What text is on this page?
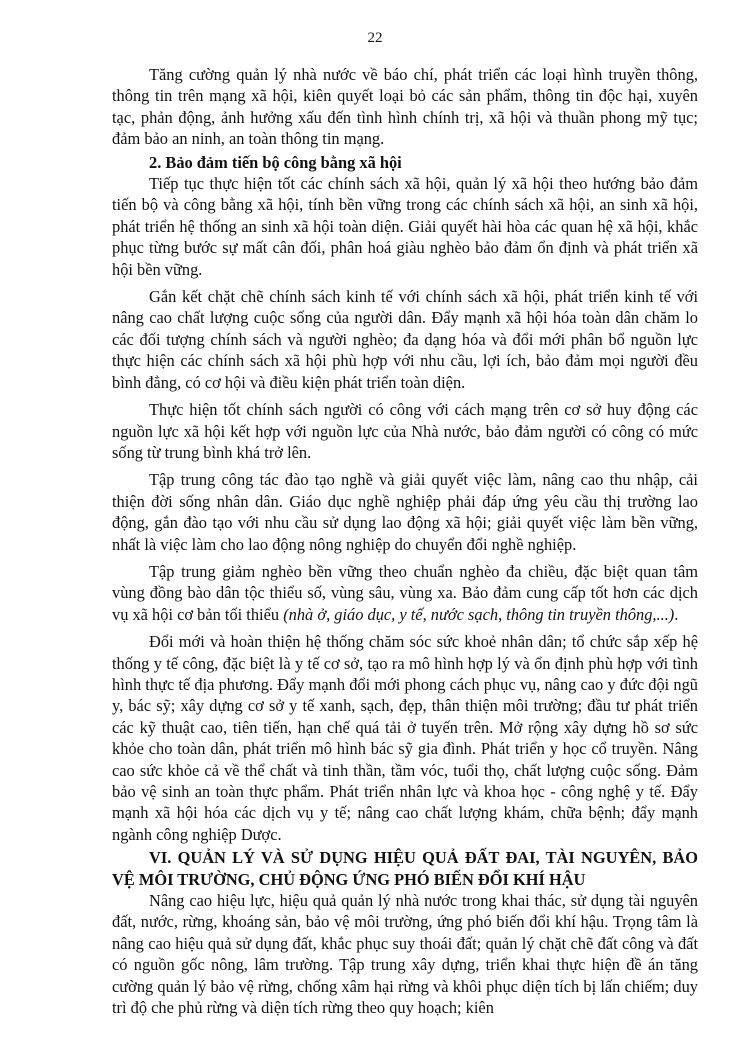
22

Tăng cường quản lý nhà nước về báo chí, phát triển các loại hình truyền thông, thông tin trên mạng xã hội, kiên quyết loại bỏ các sản phẩm, thông tin độc hại, xuyên tạc, phản động, ảnh hưởng xấu đến tình hình chính trị, xã hội và thuần phong mỹ tục; đảm bảo an ninh, an toàn thông tin mạng.

2. Bảo đảm tiến bộ công bằng xã hội

Tiếp tục thực hiện tốt các chính sách xã hội, quản lý xã hội theo hướng bảo đảm tiến bộ và công bằng xã hội, tính bền vững trong các chính sách xã hội, an sinh xã hội, phát triển hệ thống an sinh xã hội toàn diện. Giải quyết hài hòa các quan hệ xã hội, khắc phục từng bước sự mất cân đối, phân hoá giàu nghèo bảo đảm ổn định và phát triển xã hội bền vững.

Gắn kết chặt chẽ chính sách kinh tế với chính sách xã hội, phát triển kinh tế với nâng cao chất lượng cuộc sống của người dân. Đẩy mạnh xã hội hóa toàn dân chăm lo các đối tượng chính sách và người nghèo; đa dạng hóa và đổi mới phân bổ nguồn lực thực hiện các chính sách xã hội phù hợp với nhu cầu, lợi ích, bảo đảm mọi người đều bình đẳng, có cơ hội và điều kiện phát triển toàn diện.

Thực hiện tốt chính sách người có công với cách mạng trên cơ sở huy động các nguồn lực xã hội kết hợp với nguồn lực của Nhà nước, bảo đảm người có công có mức sống từ trung bình khá trở lên.

Tập trung công tác đào tạo nghề và giải quyết việc làm, nâng cao thu nhập, cải thiện đời sống nhân dân. Giáo dục nghề nghiệp phải đáp ứng yêu cầu thị trường lao động, gắn đào tạo với nhu cầu sử dụng lao động xã hội; giải quyết việc làm bền vững, nhất là việc làm cho lao động nông nghiệp do chuyển đổi nghề nghiệp.

Tập trung giảm nghèo bền vững theo chuẩn nghèo đa chiều, đặc biệt quan tâm vùng đồng bào dân tộc thiểu số, vùng sâu, vùng xa. Bảo đảm cung cấp tốt hơn các dịch vụ xã hội cơ bản tối thiểu (nhà ở, giáo dục, y tế, nước sạch, thông tin truyền thông,...).

Đổi mới và hoàn thiện hệ thống chăm sóc sức khoẻ nhân dân; tổ chức sắp xếp hệ thống y tế công, đặc biệt là y tế cơ sở, tạo ra mô hình hợp lý và ổn định phù hợp với tình hình thực tế địa phương. Đẩy mạnh đổi mới phong cách phục vụ, nâng cao y đức đội ngũ y, bác sỹ; xây dựng cơ sở y tế xanh, sạch, đẹp, thân thiện môi trường; đầu tư phát triển các kỹ thuật cao, tiên tiến, hạn chế quá tải ở tuyến trên. Mở rộng xây dựng hồ sơ sức khỏe cho toàn dân, phát triển mô hình bác sỹ gia đình. Phát triển y học cổ truyền. Nâng cao sức khỏe cả về thể chất và tinh thần, tầm vóc, tuổi thọ, chất lượng cuộc sống. Đảm bảo vệ sinh an toàn thực phẩm. Phát triển nhân lực và khoa học - công nghệ y tế. Đẩy mạnh xã hội hóa các dịch vụ y tế; nâng cao chất lượng khám, chữa bệnh; đẩy mạnh ngành công nghiệp Dược.

VI. QUẢN LÝ VÀ SỬ DỤNG HIỆU QUẢ ĐẤT ĐAI, TÀI NGUYÊN, BẢO VỆ MÔI TRƯỜNG, CHỦ ĐỘNG ỨNG PHÓ BIẾN ĐỔI KHÍ HẬU

Nâng cao hiệu lực, hiệu quả quản lý nhà nước trong khai thác, sử dụng tài nguyên đất, nước, rừng, khoáng sản, bảo vệ môi trường, ứng phó biến đổi khí hậu. Trọng tâm là nâng cao hiệu quả sử dụng đất, khắc phục suy thoái đất; quản lý chặt chẽ đất công và đất có nguồn gốc nông, lâm trường. Tập trung xây dựng, triển khai thực hiện đề án tăng cường quản lý bảo vệ rừng, chống xâm hại rừng và khôi phục diện tích bị lấn chiếm; duy trì độ che phủ rừng và diện tích rừng theo quy hoạch; kiên
